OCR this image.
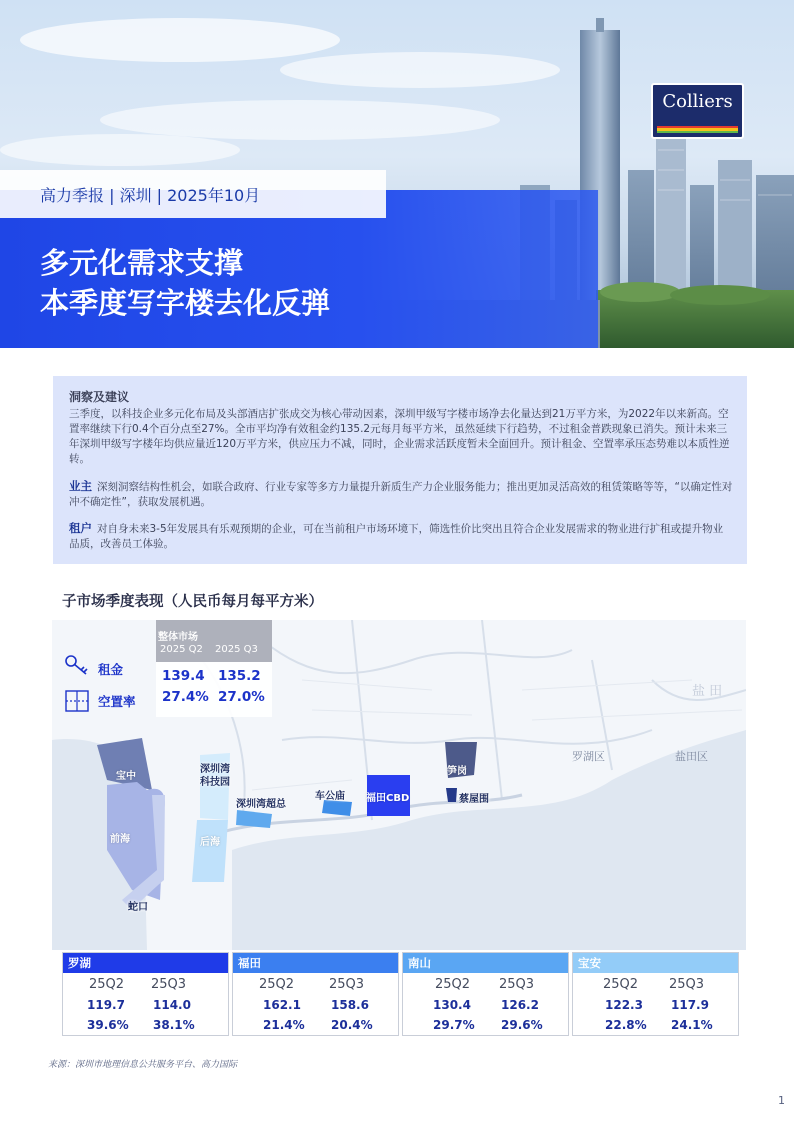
高力季报 | 深圳 | 2025年10月
多元化需求支撑
本季度写字楼去化反弹
Colliers
洞察及建议
三季度，以科技企业多元化布局及头部酒店扩张成交为核心带动因素，深圳甲级写字楼市场净去化量达到21万平方米，为2022年以来新高。空置率继续下行0.4个百分点至27%。全市平均净有效租金约135.2元每月每平方米，虽然延续下行趋势，不过租金普跌现象已消失。预计未来三年深圳甲级写字楼年均供应量近120万平方米，供应压力不减，同时，企业需求活跃度暂未全面回升。预计租金、空置率承压态势难以本质性逆转。
业主 深刻洞察结构性机会，如联合政府、行业专家等多方力量提升新质生产力企业服务能力；推出更加灵活高效的租赁策略等等，“以确定性对冲不确定性”，获取发展机遇。
租户 对自身未来3-5年发展具有乐观预期的企业，可在当前租户市场环境下，筛选性价比突出且符合企业发展需求的物业进行扩租或提升物业品质，改善员工体验。
子市场季度表现（人民币每月每平方米）
罗湖区	盐田区
盐 田
宝中
前海
蛇口
后海
深圳湾
科技园
深圳湾超总
车公庙 福田CBD
笋岗
蔡屋围
整体市场
2025 Q2 2025 Q3
租金
空置率
139.4 135.2
27.4% 27.0%
罗湖
25Q2 25Q3
119.7 114.0
39.6% 38.1%
福田
25Q2	25Q3
162.1	158.6
21.4% 20.4%
南山
25Q2 25Q3
130.4	126.2
29.7% 29.6%
宝安
25Q2 25Q3
122.3 117.9
22.8% 24.1%
来源：深圳市地理信息公共服务平台、高力国际
1
